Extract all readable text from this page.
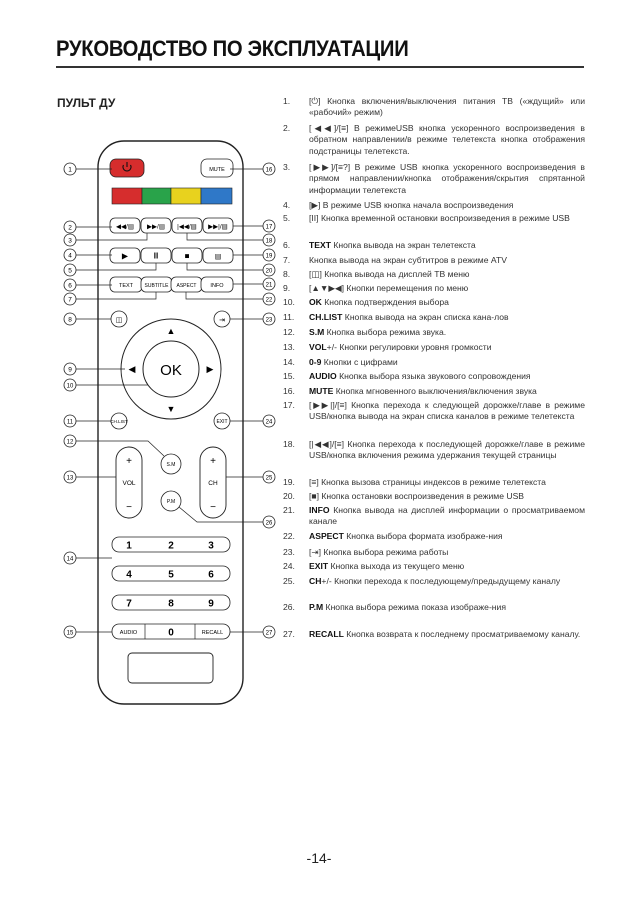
РУКОВОДСТВО ПО ЭКСПЛУАТАЦИИ
ПУЛЬТ ДУ
MUTE
◀◀/▤ ▶▶/▤ |◀◀/▤ ▶▶|/▤
▶	II	■	▤
TEXT SUBTITLE ASPECT	INFO
◫	⇥
▲
▼
◀	▶
OK
CH.LIST	EXIT
+
VOL
−
+
CH
−
S.M
P.M
1	2	3
4	5	6
7	8	9
AUDIO	0	RECALL
1
2
3
4
5
6
7
8
9
10
11
12
13
14
15
16
17
18
19
20
21
22
23
24
25
26
27
1.	[⏻] Кнопка включения/выключения питания ТВ («ждущий» или «рабочий» режим)
2.	[◀◀]/[≡] В режимеUSB кнопка ускоренного воспроизведения в обратном направлении/в режиме телетекста кнопка отображения подстраницы телетекста.
3.	[▶▶]/[≡?] В режиме USB кнопка ускоренного воспроизведения в прямом направлении/кнопка отображения/скрытия спрятанной информации телетекста
4.	[▶] В режиме USB кнопка начала воспроизведения
5.	[II] Кнопка временной остановки воспроизведения в режиме USB
6.	TEXT Кнопка вывода на экран телетекста
7.	Кнопка вывода на экран субтитров в режиме ATV
8.	[◫] Кнопка вывода на дисплей ТВ меню
9.	[▲▼▶◀] Кнопки перемещения по меню
10.	OK Кнопка подтверждения выбора
11.	CH.LIST Кнопка вывода на экран списка кана-лов
12.	S.M Кнопка выбора режима звука.
13.	VOL+/- Кнопки регулировки уровня громкости
14.	0-9 Кнопки с цифрами
15.	AUDIO Кнопка выбора языка звукового сопровождения
16.	MUTE Кнопка мгновенного выключения/включения звука
17.	[▶▶|]/[≡] Кнопка перехода к следующей дорожке/главе в режиме USB/кнопка вывода на экран списка каналов в режиме телетекста
18.	[|◀◀]/[≡] Кнопка перехода к последующей дорожке/главе в режиме USB/кнопка включения режима удержания текущей страницы
19.	[≡] Кнопка вызова страницы индексов в режиме телетекста
20.	[■] Кнопка остановки воспроизведения в режиме USB
21.	INFO Кнопка вывода на дисплей информации о просматриваемом канале
22.	ASPECT Кнопка выбора формата изображе-ния
23.	[⇥] Кнопка выбора режима работы
24.	EXIT Кнопка выхода из текущего меню
25.	CH+/- Кнопки перехода к последующему/предыдущему каналу
26.	P.M Кнопка выбора режима показа изображе-ния
27.	RECALL Кнопка возврата к последнему просматриваемому каналу.
-14-
